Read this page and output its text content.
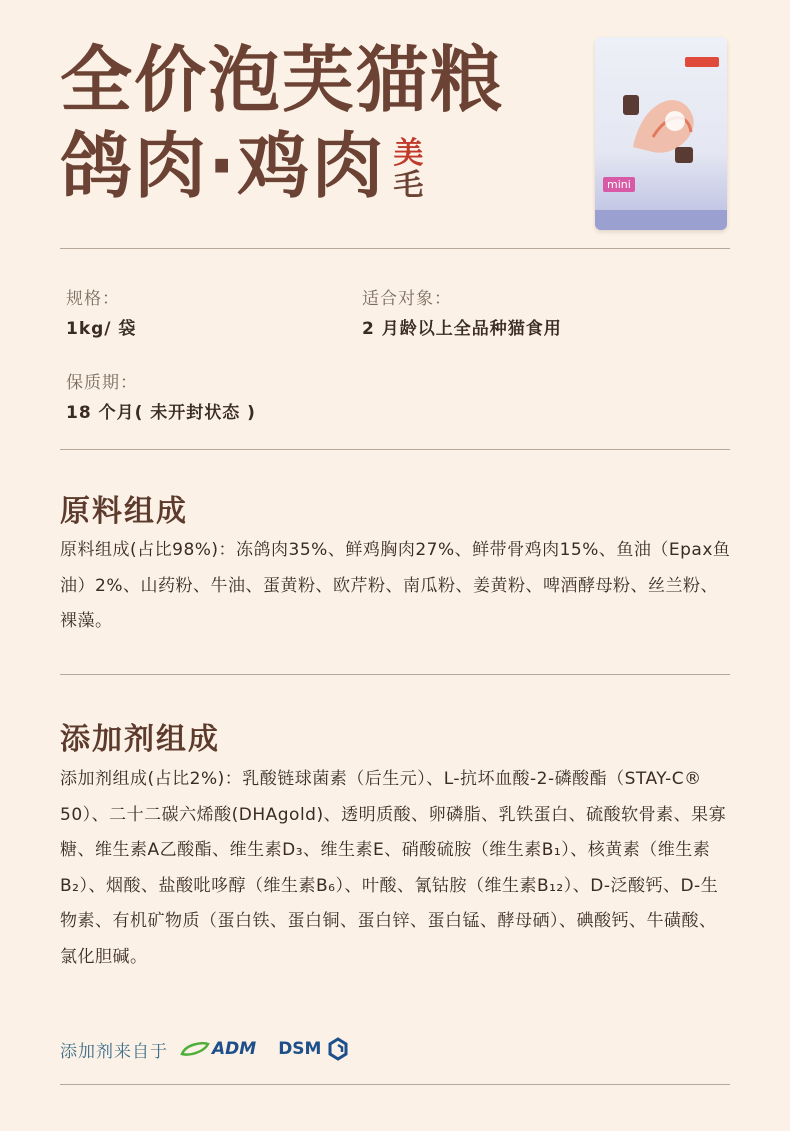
全价泡芙猫粮
鸽肉·鸡肉 美
毛	mini
规格：
1kg/ 袋
适合对象：
2 月龄以上全品种猫食用
保质期：
18 个月( 未开封状态 )
原料组成
原料组成(占比98%)：冻鸽肉35%、鲜鸡胸肉27%、鲜带骨鸡肉15%、鱼油（Epax鱼油）2%、山药粉、牛油、蛋黄粉、欧芹粉、南瓜粉、姜黄粉、啤酒酵母粉、丝兰粉、裸藻。
添加剂组成
添加剂组成(占比2%)：乳酸链球菌素（后生元）、L-抗坏血酸-2-磷酸酯（STAY-C®　50）、二十二碳六烯酸(DHAgold)、透明质酸、卵磷脂、乳铁蛋白、硫酸软骨素、果寡糖、维生素A乙酸酯、维生素D₃、维生素E、硝酸硫胺（维生素B₁）、核黄素（维生素B₂）、烟酸、盐酸吡哆醇（维生素B₆）、叶酸、氰钴胺（维生素B₁₂）、D-泛酸钙、D-生物素、有机矿物质（蛋白铁、蛋白铜、蛋白锌、蛋白锰、酵母硒）、碘酸钙、牛磺酸、氯化胆碱。
添加剂来自于	ADM DSM
